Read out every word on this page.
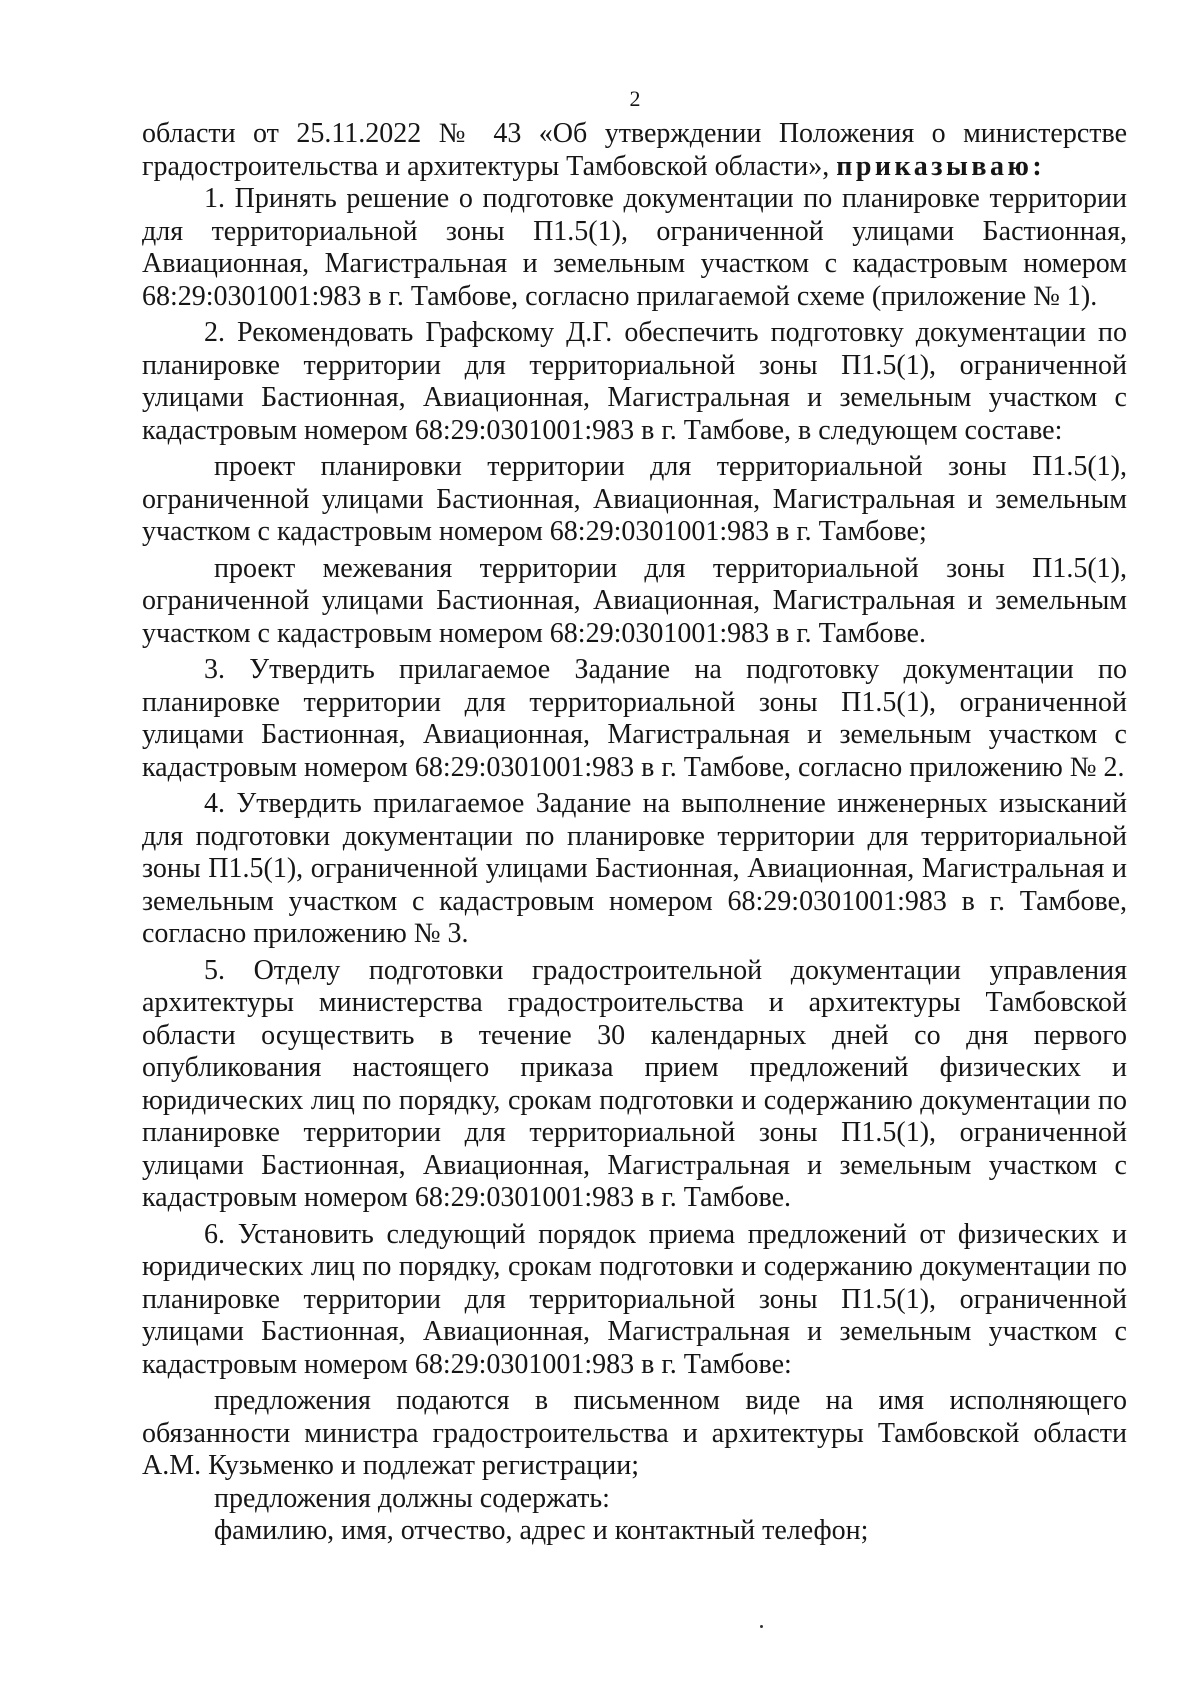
2

области от 25.11.2022 № 43 «Об утверждении Положения о министерстве градостроительства и архитектуры Тамбовской области», приказываю:

1. Принять решение о подготовке документации по планировке территории для территориальной зоны П1.5(1), ограниченной улицами Бастионная, Авиационная, Магистральная и земельным участком с кадастровым номером 68:29:0301001:983 в г. Тамбове, согласно прилагаемой схеме (приложение № 1).

2. Рекомендовать Графскому Д.Г. обеспечить подготовку документации по планировке территории для территориальной зоны П1.5(1), ограниченной улицами Бастионная, Авиационная, Магистральная и земельным участком с кадастровым номером 68:29:0301001:983 в г. Тамбове, в следующем составе:

проект планировки территории для территориальной зоны П1.5(1), ограниченной улицами Бастионная, Авиационная, Магистральная и земельным участком с кадастровым номером 68:29:0301001:983 в г. Тамбове;

проект межевания территории для территориальной зоны П1.5(1), ограниченной улицами Бастионная, Авиационная, Магистральная и земельным участком с кадастровым номером 68:29:0301001:983 в г. Тамбове.

3. Утвердить прилагаемое Задание на подготовку документации по планировке территории для территориальной зоны П1.5(1), ограниченной улицами Бастионная, Авиационная, Магистральная и земельным участком с кадастровым номером 68:29:0301001:983 в г. Тамбове, согласно приложению № 2.

4. Утвердить прилагаемое Задание на выполнение инженерных изысканий для подготовки документации по планировке территории для территориальной зоны П1.5(1), ограниченной улицами Бастионная, Авиационная, Магистральная и земельным участком с кадастровым номером 68:29:0301001:983 в г. Тамбове, согласно приложению № 3.

5. Отделу подготовки градостроительной документации управления архитектуры министерства градостроительства и архитектуры Тамбовской области осуществить в течение 30 календарных дней со дня первого опубликования настоящего приказа прием предложений физических и юридических лиц по порядку, срокам подготовки и содержанию документации по планировке территории для территориальной зоны П1.5(1), ограниченной улицами Бастионная, Авиационная, Магистральная и земельным участком с кадастровым номером 68:29:0301001:983 в г. Тамбове.

6. Установить следующий порядок приема предложений от физических и юридических лиц по порядку, срокам подготовки и содержанию документации по планировке территории для территориальной зоны П1.5(1), ограниченной улицами Бастионная, Авиационная, Магистральная и земельным участком с кадастровым номером 68:29:0301001:983 в г. Тамбове:

предложения подаются в письменном виде на имя исполняющего обязанности министра градостроительства и архитектуры Тамбовской области А.М. Кузьменко и подлежат регистрации;

предложения должны содержать:

фамилию, имя, отчество, адрес и контактный телефон;
